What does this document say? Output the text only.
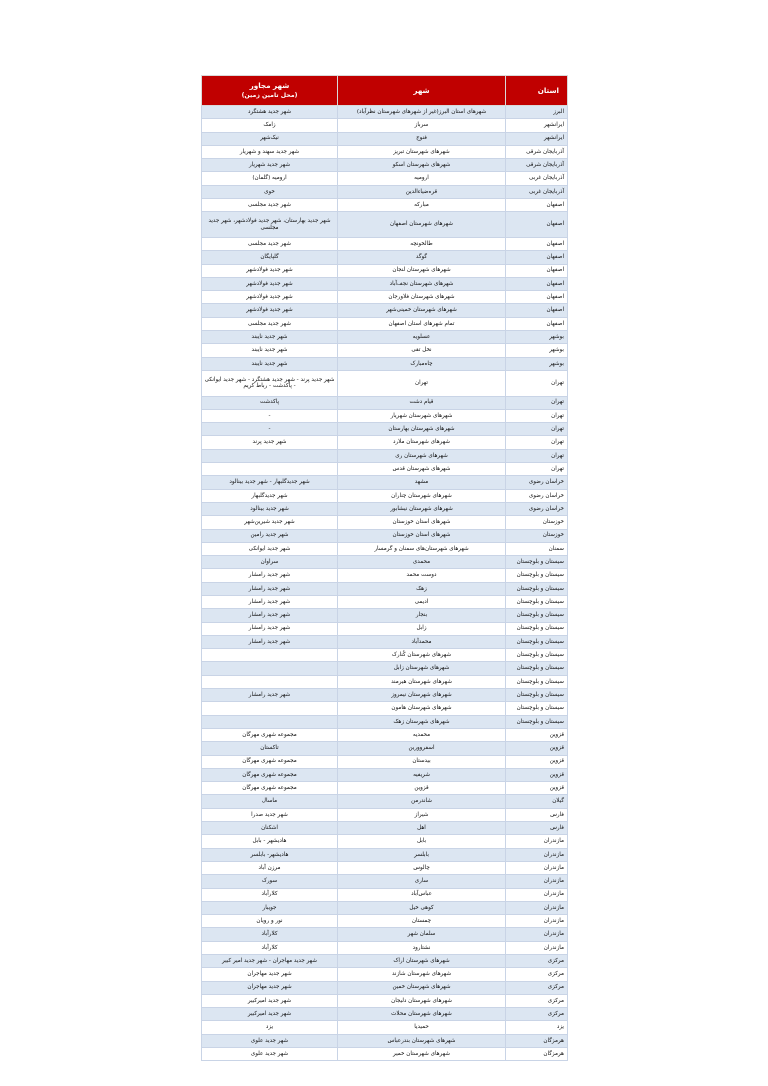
استان	شهر	شهر مجاور
(محل تامین زمین)

البرز	شهرهای استان البرز(غیر از شهرهای شهرستان نظرآباد)	شهر جدید هشتگرد
ایرانشهر	سرباز	زامک
ایرانشهر	فنوج	نیک‌شهر
آذربایجان شرقی	شهرهای شهرستان تبریز	شهر جدید سهند و شهریار
آذربایجان شرقی	شهرهای شهرستان اسکو	شهر جدید شهریار
آذربایجان غربی	ارومیه	ارومیه (گلمان)
آذربایجان غربی	قرەضیاءالدین	خوی
اصفهان	مبارکه	شهر جدید مجلسی
اصفهان	شهرهای شهرستان اصفهان	شهر جدید بهارستان، شهر جدید فولادشهر، شهر جدید مجلسی
اصفهان	طالخونچه	شهر جدید مجلسی
اصفهان	گوگد	گلپایگان
اصفهان	شهرهای شهرستان لنجان	شهر جدید فولادشهر
اصفهان	شهرهای شهرستان نجف‌آباد	شهر جدید فولادشهر
اصفهان	شهرهای شهرستان فلاورجان	شهر جدید فولادشهر
اصفهان	شهرهای شهرستان خمینی‌شهر	شهر جدید فولادشهر
اصفهان	تمام شهرهای استان اصفهان	شهر جدید مجلسی
بوشهر	عسلویه	شهر جدید نایبند
بوشهر	نخل تقی	شهر جدید نایبند
بوشهر	چاه‌مبارک	شهر جدید نایبند
تهران	تهران	شهر جدید پرند - شهر جدید هشتگرد - شهر جدید ایوانکی - پاکدشت - رباط کریم
تهران	قیام دشت	پاکدشت
تهران	شهرهای شهرستان شهریار	-
تهران	شهرهای شهرستان بهارستان	-
تهران	شهرهای شهرستان ملارد	شهر جدید پرند
تهران	شهرهای شهرستان ری	
تهران	شهرهای شهرستان قدس	
خراسان رضوی	مشهد	شهر جدیدگلبهار - شهر جدید بینالود
خراسان رضوی	شهرهای شهرستان چناران	شهر جدیدگلبهار
خراسان رضوی	شهرهای شهرستان نیشابور	شهر جدید بینالود
خوزستان	شهرهای استان خوزستان	شهر جدید شیرین‌شهر
خوزستان	شهرهای استان خوزستان	شهر جدید رامین
سمنان	شهرهای شهرستان‌های سمنان و گرمسار	شهر جدید ایوانکی
سیستان و بلوچستان	محمدی	سراوان
سیستان و بلوچستان	دوست محمد	شهر جدید رامشار
سیستان و بلوچستان	زهک	شهر جدید رامشار
سیستان و بلوچستان	ادیمی	شهر جدید رامشار
سیستان و بلوچستان	بنجار	شهر جدید رامشار
سیستان و بلوچستان	زابل	شهر جدید رامشار
سیستان و بلوچستان	محمدآباد	شهر جدید رامشار
سیستان و بلوچستان	شهرهای شهرستان کُنارک	
سیستان و بلوچستان	شهرهای شهرستان زابل	
سیستان و بلوچستان	شهرهای شهرستان هیرمند	
سیستان و بلوچستان	شهرهای شهرستان نیمروز	شهر جدید رامشار
سیستان و بلوچستان	شهرهای شهرستان هامون	
سیستان و بلوچستان	شهرهای شهرستان زهک	
قزوین	محمدیه	مجموعه شهری مهرگان
قزوین	اسفروورین	تاکستان
قزوین	بیدستان	مجموعه شهری مهرگان
قزوین	شریفیه	مجموعه شهری مهرگان
قزوین	قزوین	مجموعه شهری مهرگان
گیلان	شاندرمن	ماسال
فارس	شیراز	شهر جدید صدرا
فارس	اهل	اشکنان
مازندران	بابل	هادیشهر - بابل
مازندران	بابلسر	هادیشهر- بابلسر
مازندران	چالوس	مرزن آباد
مازندران	ساری	سورک
مازندران	عباس‌آباد	کلارآباد
مازندران	کوهی خیل	جویبار
مازندران	چمستان	نور و رویان
مازندران	سلمان شهر	کلارآباد
مازندران	نشتارود	کلارآباد
مرکزی	شهرهای شهرستان اراک	شهر جدید مهاجران - شهر جدید امیر کبیر
مرکزی	شهرهای شهرستان شازند	شهر جدید مهاجران
مرکزی	شهرهای شهرستان خمین	شهر جدید مهاجران
مرکزی	شهرهای شهرستان دلیجان	شهر جدید امیرکبیر
مرکزی	شهرهای شهرستان محلات	شهر جدید امیرکبیر
یزد	حمیدیا	یزد
هرمزگان	شهرهای شهرستان بندرعباس	شهر جدید علوی
هرمزگان	شهرهای شهرستان خمیر	شهر جدید علوی
